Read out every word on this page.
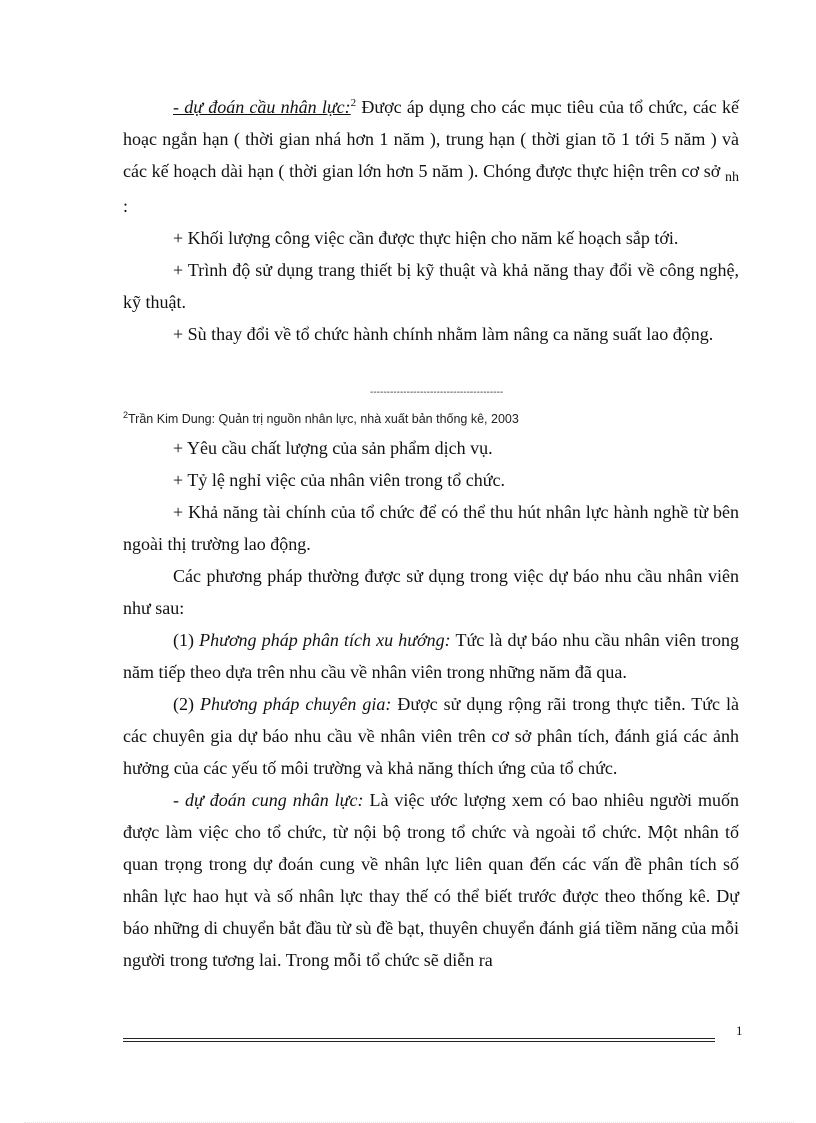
- dự đoán cầu nhân lực:$^2$ Được áp dụng cho các mục tiêu của tổ chức, các kế hoạc ngắn hạn ( thời gian nhá hơn 1 năm ), trung hạn ( thời gian tõ 1 tới 5 năm ) và các kế hoạch dài hạn ( thời gian lớn hơn 5 năm ). Chóng được thực hiện trên cơ sở $_{nh}$ :

+ Khối lượng công việc cần được thực hiện cho năm kế hoạch sắp tới.

+ Trình độ sử dụng trang thiết bị kỹ thuật và khả năng thay đổi về công nghệ, kỹ thuật.

+ Sù thay đổi về tổ chức hành chính nhằm làm nâng ca năng suất lao động.

----------------------------------------
$^2$Trần Kim Dung: Quản trị nguồn nhân lực, nhà xuất bản thống kê, 2003

+ Yêu cầu chất lượng của sản phẩm dịch vụ.

+ Tỷ lệ nghỉ việc của nhân viên trong tổ chức.

+ Khả năng tài chính của tổ chức để có thể thu hút nhân lực hành nghề từ bên ngoài thị trường lao động.

Các phương pháp thường được sử dụng trong việc dự báo nhu cầu nhân viên như sau:

(1) Phương pháp phân tích xu hướng: Tức là dự báo nhu cầu nhân viên trong năm tiếp theo dựa trên nhu cầu về nhân viên trong những năm đã qua.

(2) Phương pháp chuyên gia: Được sử dụng rộng rãi trong thực tiễn. Tức là các chuyên gia dự báo nhu cầu về nhân viên trên cơ sở phân tích, đánh giá các ảnh hưởng của các yếu tố môi trường và khả năng thích ứng của tổ chức.

- dự đoán cung nhân lực: Là việc ước lượng xem có bao nhiêu người muốn được làm việc cho tổ chức, từ nội bộ trong tổ chức và ngoài tổ chức. Một nhân tố quan trọng trong dự đoán cung về nhân lực liên quan đến các vấn đề phân tích số nhân lực hao hụt và số nhân lực thay thế có thể biết trước được theo thống kê. Dự báo những di chuyển bắt đầu từ sù đề bạt, thuyên chuyển đánh giá tiềm năng của mỗi người trong tương lai. Trong mỗi tổ chức sẽ diễn ra

1
